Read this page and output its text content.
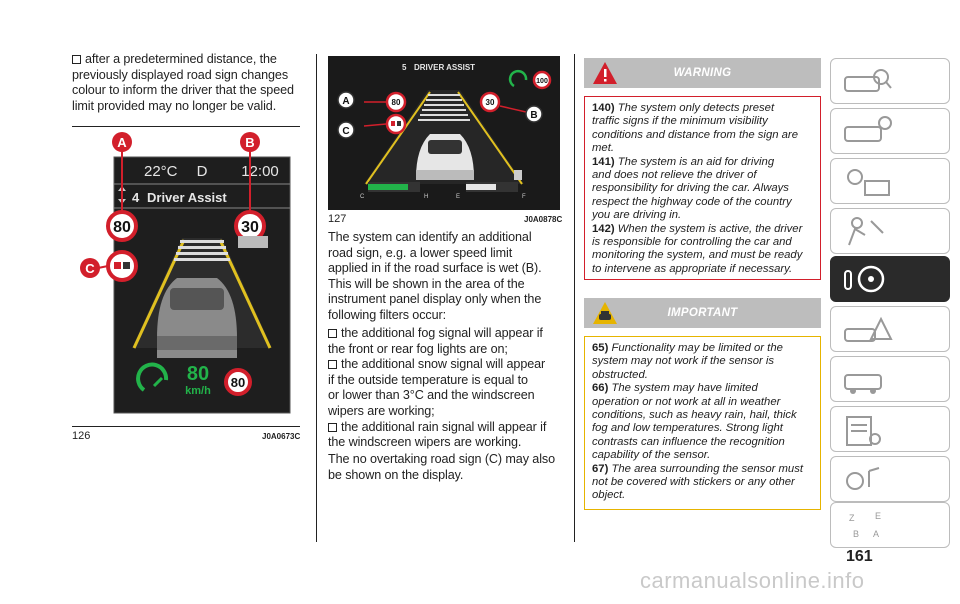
after a predetermined distance, the
previously displayed road sign changes
colour to inform the driver that the speed
limit provided may no longer be valid.
22°C D 12:00
4 Driver Assist
80	30
80
km/h
80
A	B
C
126	J0A0673C
5 DRIVER ASSIST
100
80	30
A
B
C
C	H	E	F
127	J0A0878C
The system can identify an additional
road sign, e.g. a lower speed limit
applied in if the road surface is wet (B).
This will be shown in the area of the
instrument panel display only when the
following filters occur:
the additional fog signal will appear if
the front or rear fog lights are on;
the additional snow signal will appear
if the outside temperature is equal to
or lower than 3°C and the windscreen
wipers are working;
the additional rain signal will appear if
the windscreen wipers are working.
The no overtaking road sign (C) may also
be shown on the display.
WARNING
140) The system only detects preset
traffic signs if the minimum visibility
conditions and distance from the sign are
met.
141) The system is an aid for driving
and does not relieve the driver of
responsibility for driving the car. Always
respect the highway code of the country
you are driving in.
142) When the system is active, the driver
is responsible for controlling the car and
monitoring the system, and must be ready
to intervene as appropriate if necessary.
IMPORTANT
65) Functionality may be limited or the
system may not work if the sensor is
obstructed.
66) The system may have limited
operation or not work at all in weather
conditions, such as heavy rain, hail, thick
fog and low temperatures. Strong light
contrasts can influence the recognition
capability of the sensor.
67) The area surrounding the sensor must
not be covered with stickers or any other
object.
Z E
B A
161
carmanualsonline.info
